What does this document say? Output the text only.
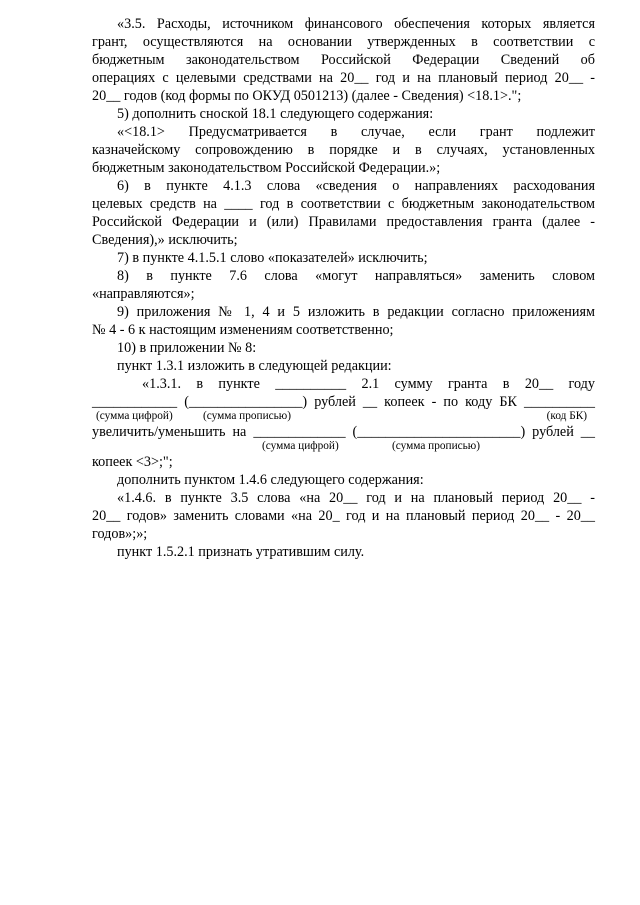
«3.5. Расходы, источником финансового обеспечения которых является
грант, осуществляются на основании утвержденных в соответствии с
бюджетным законодательством Российской Федерации Сведений об
операциях с целевыми средствами на 20__ год и на плановый период 20__ -
20__ годов (код формы по ОКУД 0501213) (далее - Сведения) <18.1>.";
5) дополнить сноской 18.1 следующего содержания:
«<18.1> Предусматривается в случае, если грант подлежит
казначейскому сопровождению в порядке и в случаях, установленных
бюджетным законодательством Российской Федерации.»;
6) в пункте 4.1.3 слова «сведения о направлениях расходования
целевых средств на ____ год в соответствии с бюджетным законодательством
Российской Федерации и (или) Правилами предоставления гранта (далее -
Сведения),» исключить;
7) в пункте 4.1.5.1 слово «показателей» исключить;
8) в пункте 7.6 слова «могут направляться» заменить словом
«направляются»;
9) приложения № 1, 4 и 5 изложить в редакции согласно приложениям
№ 4 - 6 к настоящим изменениям соответственно;
10) в приложении № 8:
пункт 1.3.1 изложить в следующей редакции:
«1.3.1. в пункте __________ 2.1 сумму гранта в 20__ году
____________ (________________) рублей __ копеек - по коду БК __________
(сумма цифрой)	(сумма прописью)	(код БК)
увеличить/уменьшить на _____________ (_______________________) рублей __
(сумма цифрой)	(сумма прописью)
копеек <3>;";
дополнить пунктом 1.4.6 следующего содержания:
«1.4.6. в пункте 3.5 слова «на 20__ год и на плановый период 20__ -
20__ годов» заменить словами «на 20_ год и на плановый период 20__ - 20__
годов»;»;
пункт 1.5.2.1 признать утратившим силу.
